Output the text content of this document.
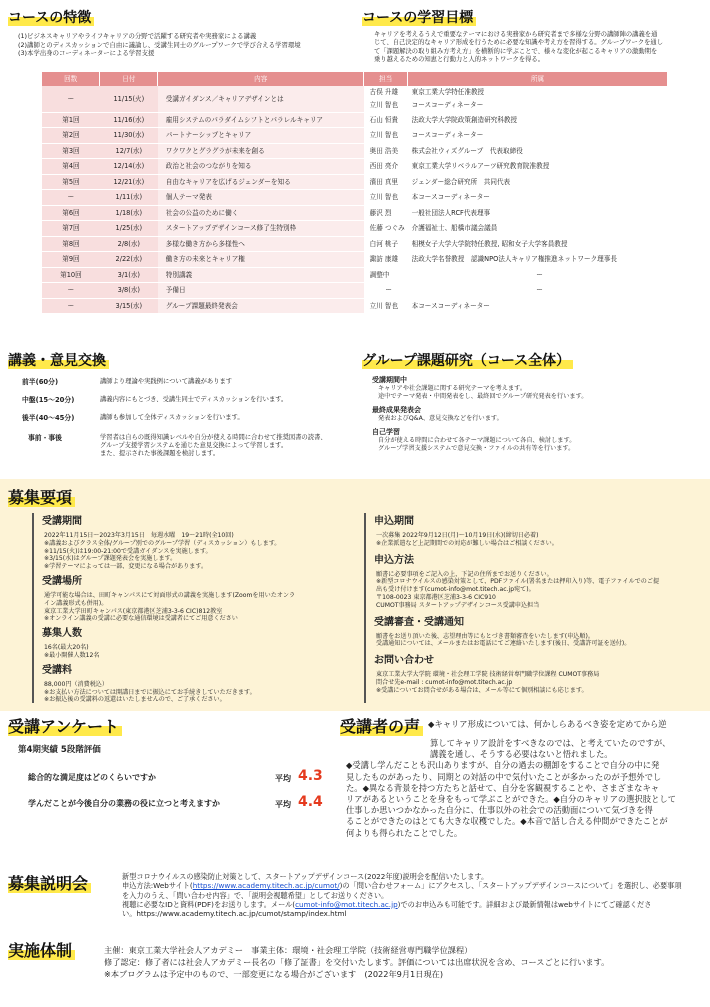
コースの特徴
(1)ビジネスキャリアやライフキャリアの分野で活躍する研究者や実務家による講義
(2)講師とのディスカッションで自由に議論し、受講生同士のグループワークで学び合える学習環境
(3)本学出身のコーディネーターによる学習支援
コースの学習目標
キャリアを考えるうえで重要なテーマにおける実務家から研究者まで多様な分野の講師陣の講義を通
じて、自己決定的なキャリア形成を行うために必要な知識や考え方を習得する。グループワークを通し
て「課題解決の取り組み方考え方」を横断的に学ぶことで、様々な変化が起こるキャリアの激動期を
乗り越えるための知恵と行動力と人的ネットワークを得る。
回数	日付	内容	担当	所属
ー	11/15(火)	受講ガイダンス／キャリアデザインとは	古俣 升雄	東京工業大学特任准教授
			立川 智也	コースコーディネーター
第1回	11/16(水)	雇用システムのパラダイムシフトとパラレルキャリア	石山 恒貴	法政大学大学院政策創造研究科教授
第2回	11/30(水)	パートナーシップとキャリア	立川 智也	コースコーディネーター
第3回	12/7(水)	ワクワクとグラグラが未来を創る	奥田 浩美	株式会社ウィズグループ　代表取締役
第4回	12/14(水)	政治と社会のつながりを知る	西田 亮介	東京工業大学リベラルアーツ研究教育院准教授
第5回	12/21(水)	自由なキャリアを広げるジェンダーを知る	濱田 真里	ジェンダー総合研究所　共同代表
ー	1/11(水)	個人テーマ発表	立川 智也	本コースコーディネーター
第6回	1/18(水)	社会の公益のために働く	藤沢 烈	一般社団法人RCF代表理事
第7回	1/25(水)	スタートアップデザインコース修了生特別枠	佐藤 つぐみ	介護福祉士、船橋市議会議員
第8回	2/8(水)	多様な働き方から多様性へ	白河 桃子	相模女子大学大学院特任教授, 昭和女子大学客員教授
第9回	2/22(水)	働き方の未来とキャリア権	諏訪 康雄	法政大学名誉教授　認識NPO法人キャリア権推進ネットワーク理事長
第10回	3/1(水)	特別講義	調整中	ー
ー	3/8(水)	予備日	ー	ー
ー	3/15(水)	グループ課題最終発表会	立川 智也	本コースコーディネーター
講義・意見交換
前半(60分)	講師より理論や実践例について講義があります
中盤(15〜20分)	講義内容にもとづき、受講生同士でディスカッションを行います。
後半(40〜45分)	講師も参加して全体ディスカッションを行います。
事前・事後	学習者は自らの既得知識レベルや自分が使える時間に合わせて推奨図書の読書、
グループ支援学習システムを通じた意見交換によって学習します。
また、提示された事後課題を検討します。
グループ課題研究（コース全体）
受講期間中
キャリアや社会課題に関する研究テーマを考えます。
途中でテーマ発表・中間発表をし、最終回でグループ研究発表を行います。
最終成果発表会
発表およびQ&A、意見交換などを行います。
自己学習
自分が使える時間に合わせて各テーマ課題について各自、検討します。
グループ学習支援システムで意見交換・ファイルの共有等を行います。
募集要項
受講期間
2022年11月15日〜2023年3月15日　毎週水曜　19〜21時(全10回)
※講義およびクラス全体/グループ別でのグループ学習（ディスカッション）もします。
※11/15(火)は19:00-21:00で受講ガイダンスを実施します。
※3/15(水)はグループ課題発表会を実施します。
※学習テーマによっては一部、変更になる場合があります。
受講場所
通学可能な場合は、田町キャンパスにて対面形式の講義を実施します(Zoomを用いたオンラ
イン講義形式も併用)。
東京工業大学田町キャンパス(東京都港区芝浦3-3-6 CIC)812教室
※オンライン講義の受講に必要な通信環境は受講者にてご用意ください
募集人数
16名(最大20名)
※最小開催人数12名
受講料
88,000円（消費税込）
※お支払い方法については開講日までに振込にてお手続きしていただきます。
※お振込後の受講料の返還はいたしませんので、ご了承ください。
申込期間
一次募集 2022年9月12日(月)〜10月19日(水)(締切日必着)
※企業派遣など上記期間での対応が難しい場合はご相談ください。
申込方法
願書に必要事項をご記入の上、下記の住所までお送りください。
※新型コロナウイルスの感染対策として、PDFファイル(署名または押印入り)等、電子ファイルでのご提
出も受け付けます(cumot-info@mot.titech.ac.jp宛て)。
〒108-0023 東京都港区芝浦3-3-6 CIC910
CUMOT事務局 スタートアップデザインコース受講申込担当
受講審査・受講通知
願書をお送り頂いた後、志望理由等にもとづき書類審査をいたします(申込順)。
受講通知については、メールまたはお電話にてご連絡いたします(後日、受講許可証を送付)。
お問い合わせ
東京工業大学大学院 環境・社会理工学院 技術経営専門職学位課程 CUMOT事務局
問合せ先e-mail : cumot-info@mot.titech.ac.jp
※受講についてお問合せがある場合は、メール等にて個別相談にも応じます。
受講アンケート
第4期実績 5段階評価
総合的な満足度はどのくらいですか	平均 4.3
学んだことが今後自分の業務の役に立つと考えますか	平均 4.4
受講者の声 ◆キャリア形成については、何かしらあるべき姿を定めてから逆
算してキャリア設計をすべきなのでは、と考えていたのですが、
講義を通し、そうする必要はないと悟れました。
◆受講し学んだことも沢山ありますが、自分の過去の棚卸をすることで自分の中に発
見したものがあったり、同期との対話の中で気付いたことが多かったのが予想外でし
た。◆異なる背景を持つ方たちと話せて、自分を客観視することや、さまざまなキャ
リアがあるということを身をもって学ぶことができた。◆自分のキャリアの選択肢として
仕事しか思いつかなかった自分に、仕事以外の社会での活動面について気づきを得
ることができたのはとても大きな収穫でした。◆本音で話し合える仲間ができたことが
何よりも得られたことでした。
募集説明会	新型コロナウイルスの感染防止対策として、スタートアップデザインコース(2022年度)説明会を配信いたします。
申込方法:Webサイト(https://www.academy.titech.ac.jp/cumot/)の「問い合わせフォーム」にアクセスし、「スタートアップデザインコースについて」を選択し、必要事項
を入力のうえ、「問い合わせ内容」で、「説明会視聴希望」としてお送りください。
視聴に必要なIDと資料(PDF)をお送りします。メール(cumot-info@mot.titech.ac.jp)でのお申込みも可能です。詳細および最新情報はwebサイトにてご確認くださ
い。https://www.academy.titech.ac.jp/cumot/stamp/index.html
実施体制	主催：東京工業大学社会人アカデミー　事業主体：環境・社会理工学院（技術経営専門職学位課程）
修了認定：修了者には社会人アカデミー長名の「修了証書」を交付いたします。評価については出席状況を含め、コースごとに行います。
※本プログラムは予定中のもので、一部変更になる場合がございます　(2022年9月1日現在)
